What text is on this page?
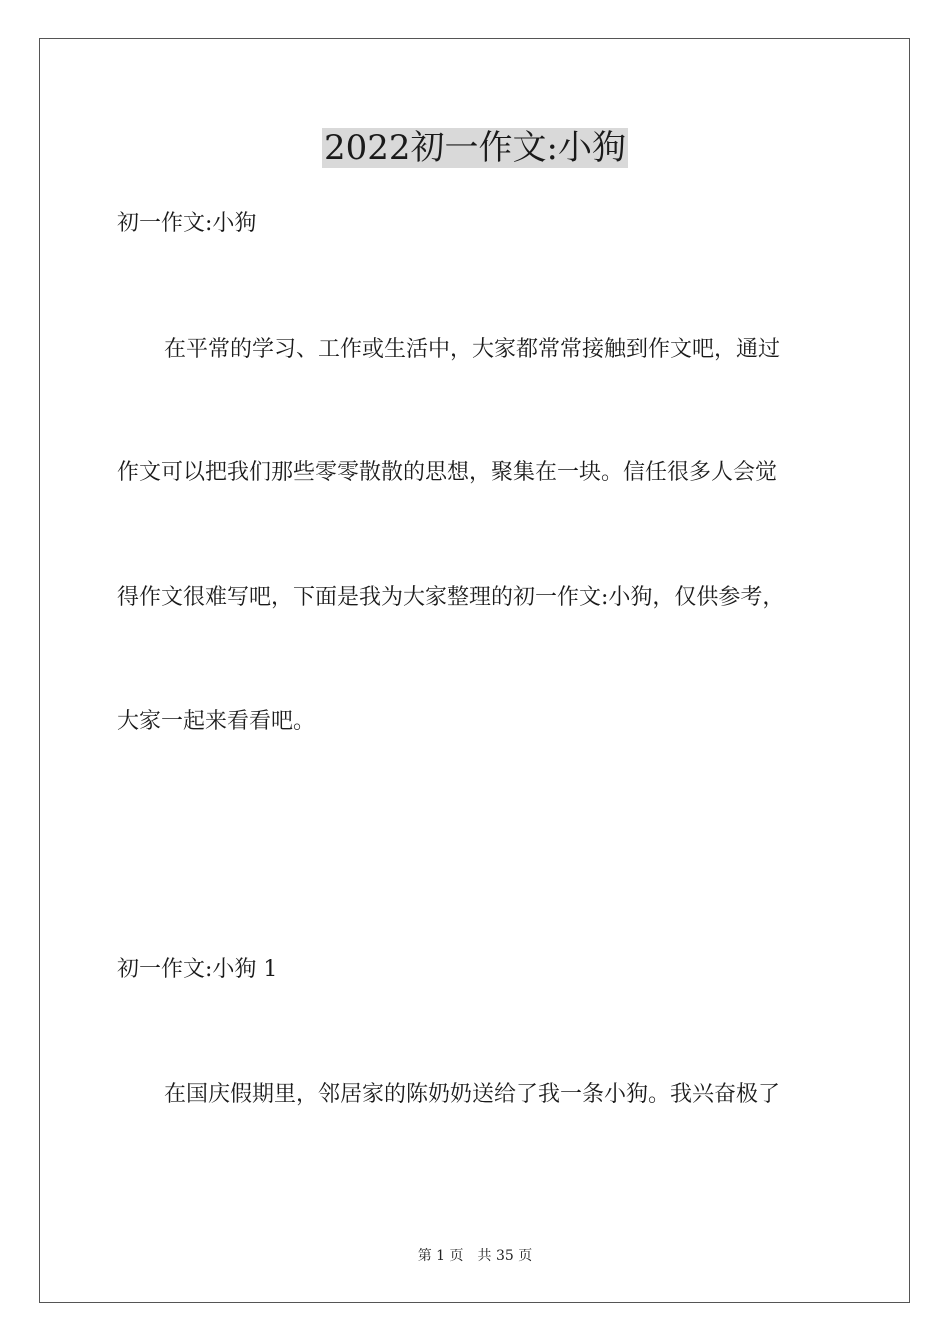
2022初一作文:小狗
初一作文:小狗
在平常的学习、工作或生活中，大家都常常接触到作文吧，通过
作文可以把我们那些零零散散的思想，聚集在一块。信任很多人会觉
得作文很难写吧，下面是我为大家整理的初一作文:小狗，仅供参考，
大家一起来看看吧。
初一作文:小狗 1
在国庆假期里，邻居家的陈奶奶送给了我一条小狗。我兴奋极了
第 1 页　共 35 页
